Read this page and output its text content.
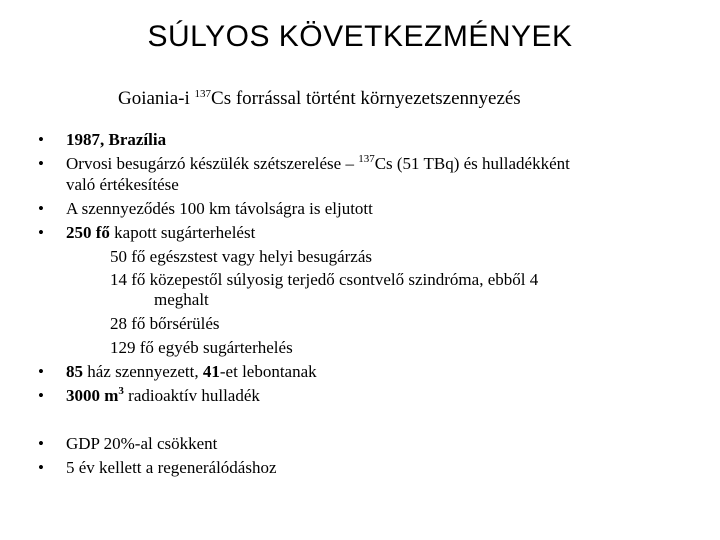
SÚLYOS KÖVETKEZMÉNYEK
Goiania-i $^{137}$Cs forrással történt környezetszennyezés
• 1987, Brazília
• Orvosi besugárzó készülék szétszerelése – $^{137}$Cs (51 TBq) és hulladékként
való értékesítése
• A szennyeződés 100 km távolságra is eljutott
• 250 fő kapott sugárterhelést
50 fő egészstest vagy helyi besugárzás
14 fő közepestől súlyosig terjedő csontvelő szindróma, ebből 4
meghalt
28 fő bőrsérülés
129 fő egyéb sugárterhelés
• 85 ház szennyezett, 41-et lebontanak
• 3000 $m^3$ radioaktív hulladék
• GDP 20%-al csökkent
• 5 év kellett a regenerálódáshoz
